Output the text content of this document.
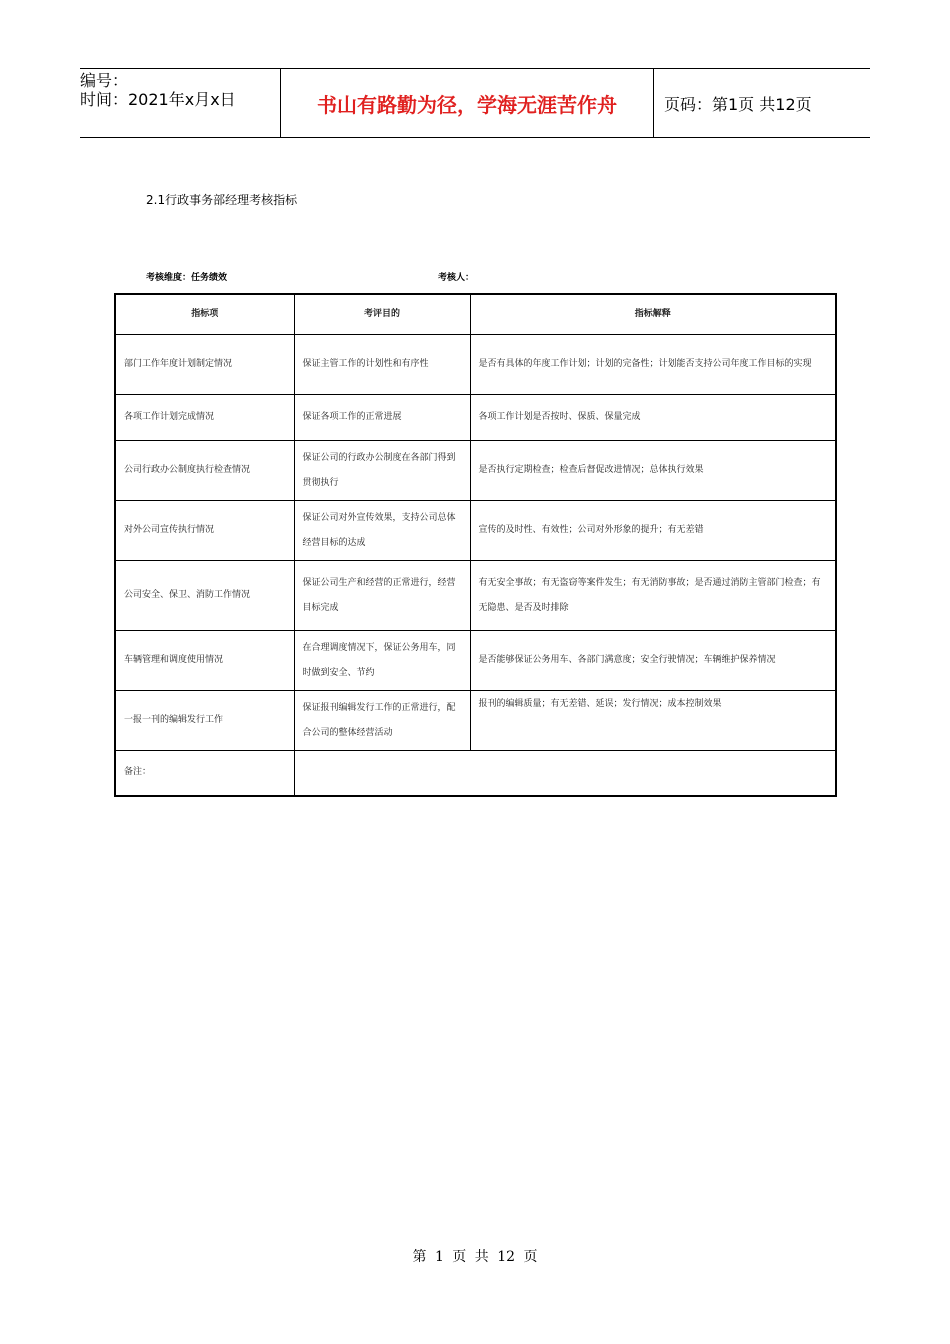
编号：
时间：2021年x月x日	书山有路勤为径，学海无涯苦作舟	页码：第1页 共12页
2.1行政事务部经理考核指标
考核维度：任务绩效	考核人：
指标项	考评目的	指标解释
部门工作年度计划制定情况	保证主管工作的计划性和有序性	是否有具体的年度工作计划；计划的完备性；计划能否支持公司年度工作目标的实现
各项工作计划完成情况	保证各项工作的正常进展	各项工作计划是否按时、保质、保量完成
公司行政办公制度执行检查情况	保证公司的行政办公制度在各部门得到贯彻执行	是否执行定期检查；检查后督促改进情况；总体执行效果
对外公司宣传执行情况	保证公司对外宣传效果，支持公司总体经营目标的达成	宣传的及时性、有效性；公司对外形象的提升；有无差错
公司安全、保卫、消防工作情况	保证公司生产和经营的正常进行，经营目标完成	有无安全事故；有无盗窃等案件发生；有无消防事故；是否通过消防主管部门检查；有无隐患、是否及时排除
车辆管理和调度使用情况	在合理调度情况下，保证公务用车，同时做到安全、节约	是否能够保证公务用车、各部门满意度；安全行驶情况；车辆维护保养情况
一报一刊的编辑发行工作	保证报刊编辑发行工作的正常进行，配合公司的整体经营活动	报刊的编辑质量；有无差错、延误；发行情况；成本控制效果
备注：		
第 1 页 共 12 页
